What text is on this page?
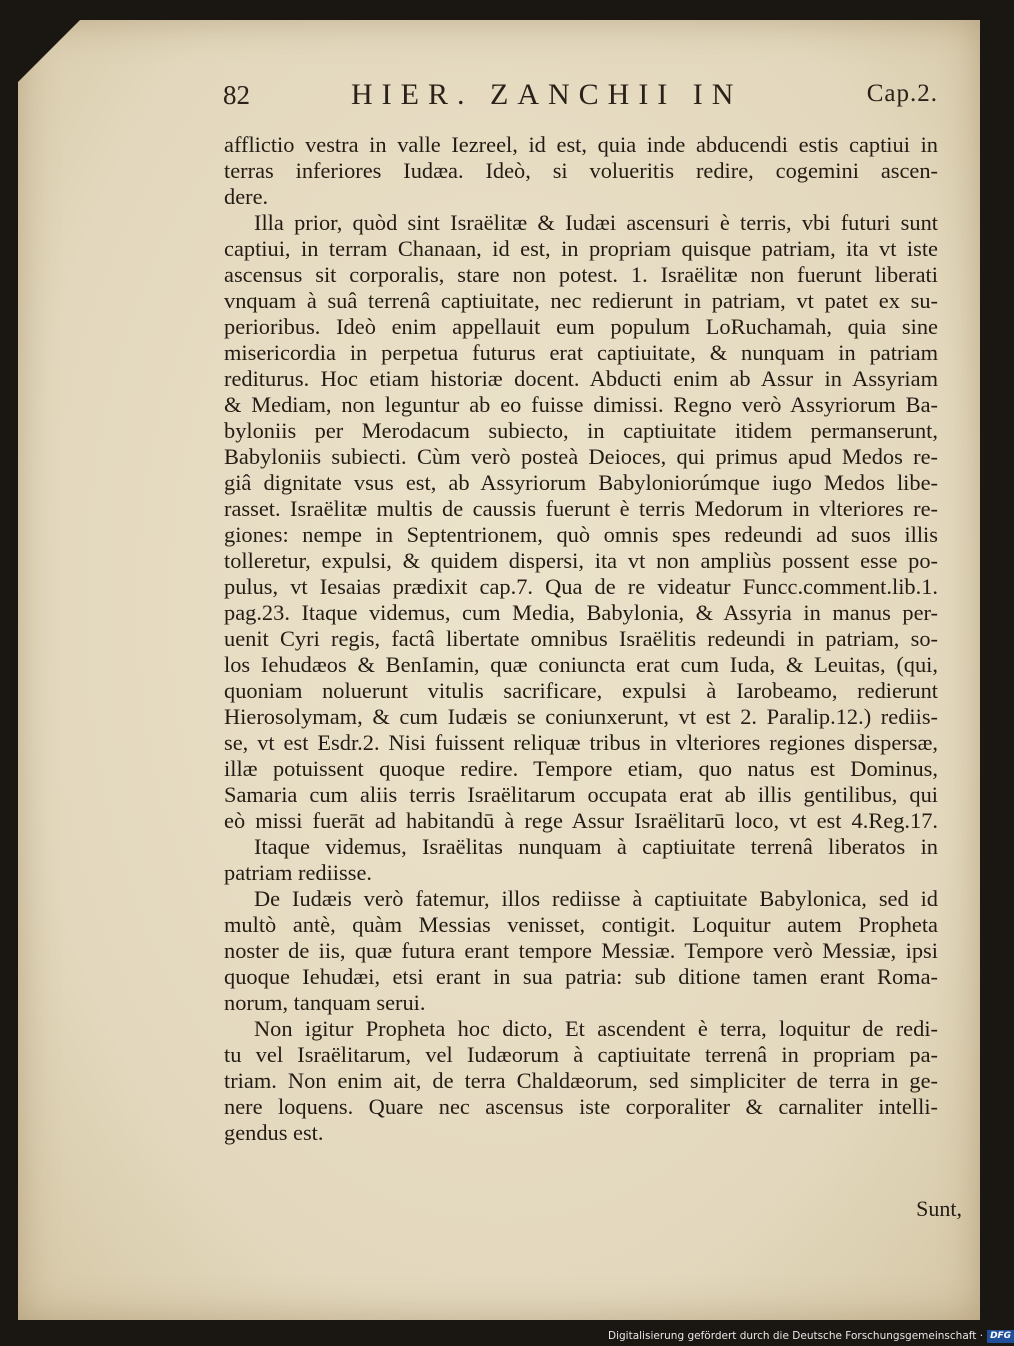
82	HIER. ZANCHII IN	Cap.2.
afflictio vestra in valle Iezreel, id est, quia inde abducendi estis captiui in
terras inferiores Iudæa. Ideò, si volueritis redire, cogemini ascen-
dere.
Illa prior, quòd sint Israëlitæ & Iudæi ascensuri è terris, vbi futuri sunt
captiui, in terram Chanaan, id est, in propriam quisque patriam, ita vt iste
ascensus sit corporalis, stare non potest. 1. Israëlitæ non fuerunt liberati
vnquam à suâ terrenâ captiuitate, nec redierunt in patriam, vt patet ex su-
perioribus. Ideò enim appellauit eum populum LoRuchamah, quia sine
misericordia in perpetua futurus erat captiuitate, & nunquam in patriam
rediturus. Hoc etiam historiæ docent. Abducti enim ab Assur in Assyriam
& Mediam, non leguntur ab eo fuisse dimissi. Regno verò Assyriorum Ba-
byloniis per Merodacum subiecto, in captiuitate itidem permanserunt,
Babyloniis subiecti. Cùm verò posteà Deioces, qui primus apud Medos re-
giâ dignitate vsus est, ab Assyriorum Babyloniorúmque iugo Medos libe-
rasset. Israëlitæ multis de caussis fuerunt è terris Medorum in vlteriores re-
giones: nempe in Septentrionem, quò omnis spes redeundi ad suos illis
tolleretur, expulsi, & quidem dispersi, ita vt non ampliùs possent esse po-
pulus, vt Iesaias prædixit cap.7. Qua de re videatur Funcc.comment.lib.1.
pag.23. Itaque videmus, cum Media, Babylonia, & Assyria in manus per-
uenit Cyri regis, factâ libertate omnibus Israëlitis redeundi in patriam, so-
los Iehudæos & BenIamin, quæ coniuncta erat cum Iuda, & Leuitas, (qui,
quoniam noluerunt vitulis sacrificare, expulsi à Iarobeamo, redierunt
Hierosolymam, & cum Iudæis se coniunxerunt, vt est 2. Paralip.12.) rediis-
se, vt est Esdr.2. Nisi fuissent reliquæ tribus in vlteriores regiones dispersæ,
illæ potuissent quoque redire. Tempore etiam, quo natus est Dominus,
Samaria cum aliis terris Israëlitarum occupata erat ab illis gentilibus, qui
eò missi fuerāt ad habitandū à rege Assur Israëlitarū loco, vt est 4.Reg.17.
Itaque videmus, Israëlitas nunquam à captiuitate terrenâ liberatos in
patriam rediisse.
De Iudæis verò fatemur, illos rediisse à captiuitate Babylonica, sed id
multò antè, quàm Messias venisset, contigit. Loquitur autem Propheta
noster de iis, quæ futura erant tempore Messiæ. Tempore verò Messiæ, ipsi
quoque Iehudæi, etsi erant in sua patria: sub ditione tamen erant Roma-
norum, tanquam serui.
Non igitur Propheta hoc dicto, Et ascendent è terra, loquitur de redi-
tu vel Israëlitarum, vel Iudæorum à captiuitate terrenâ in propriam pa-
triam. Non enim ait, de terra Chaldæorum, sed simpliciter de terra in ge-
nere loquens. Quare nec ascensus iste corporaliter & carnaliter intelli-
gendus est.
Sunt,
Digitalisierung gefördert durch die Deutsche Forschungsgemeinschaft · DFG
